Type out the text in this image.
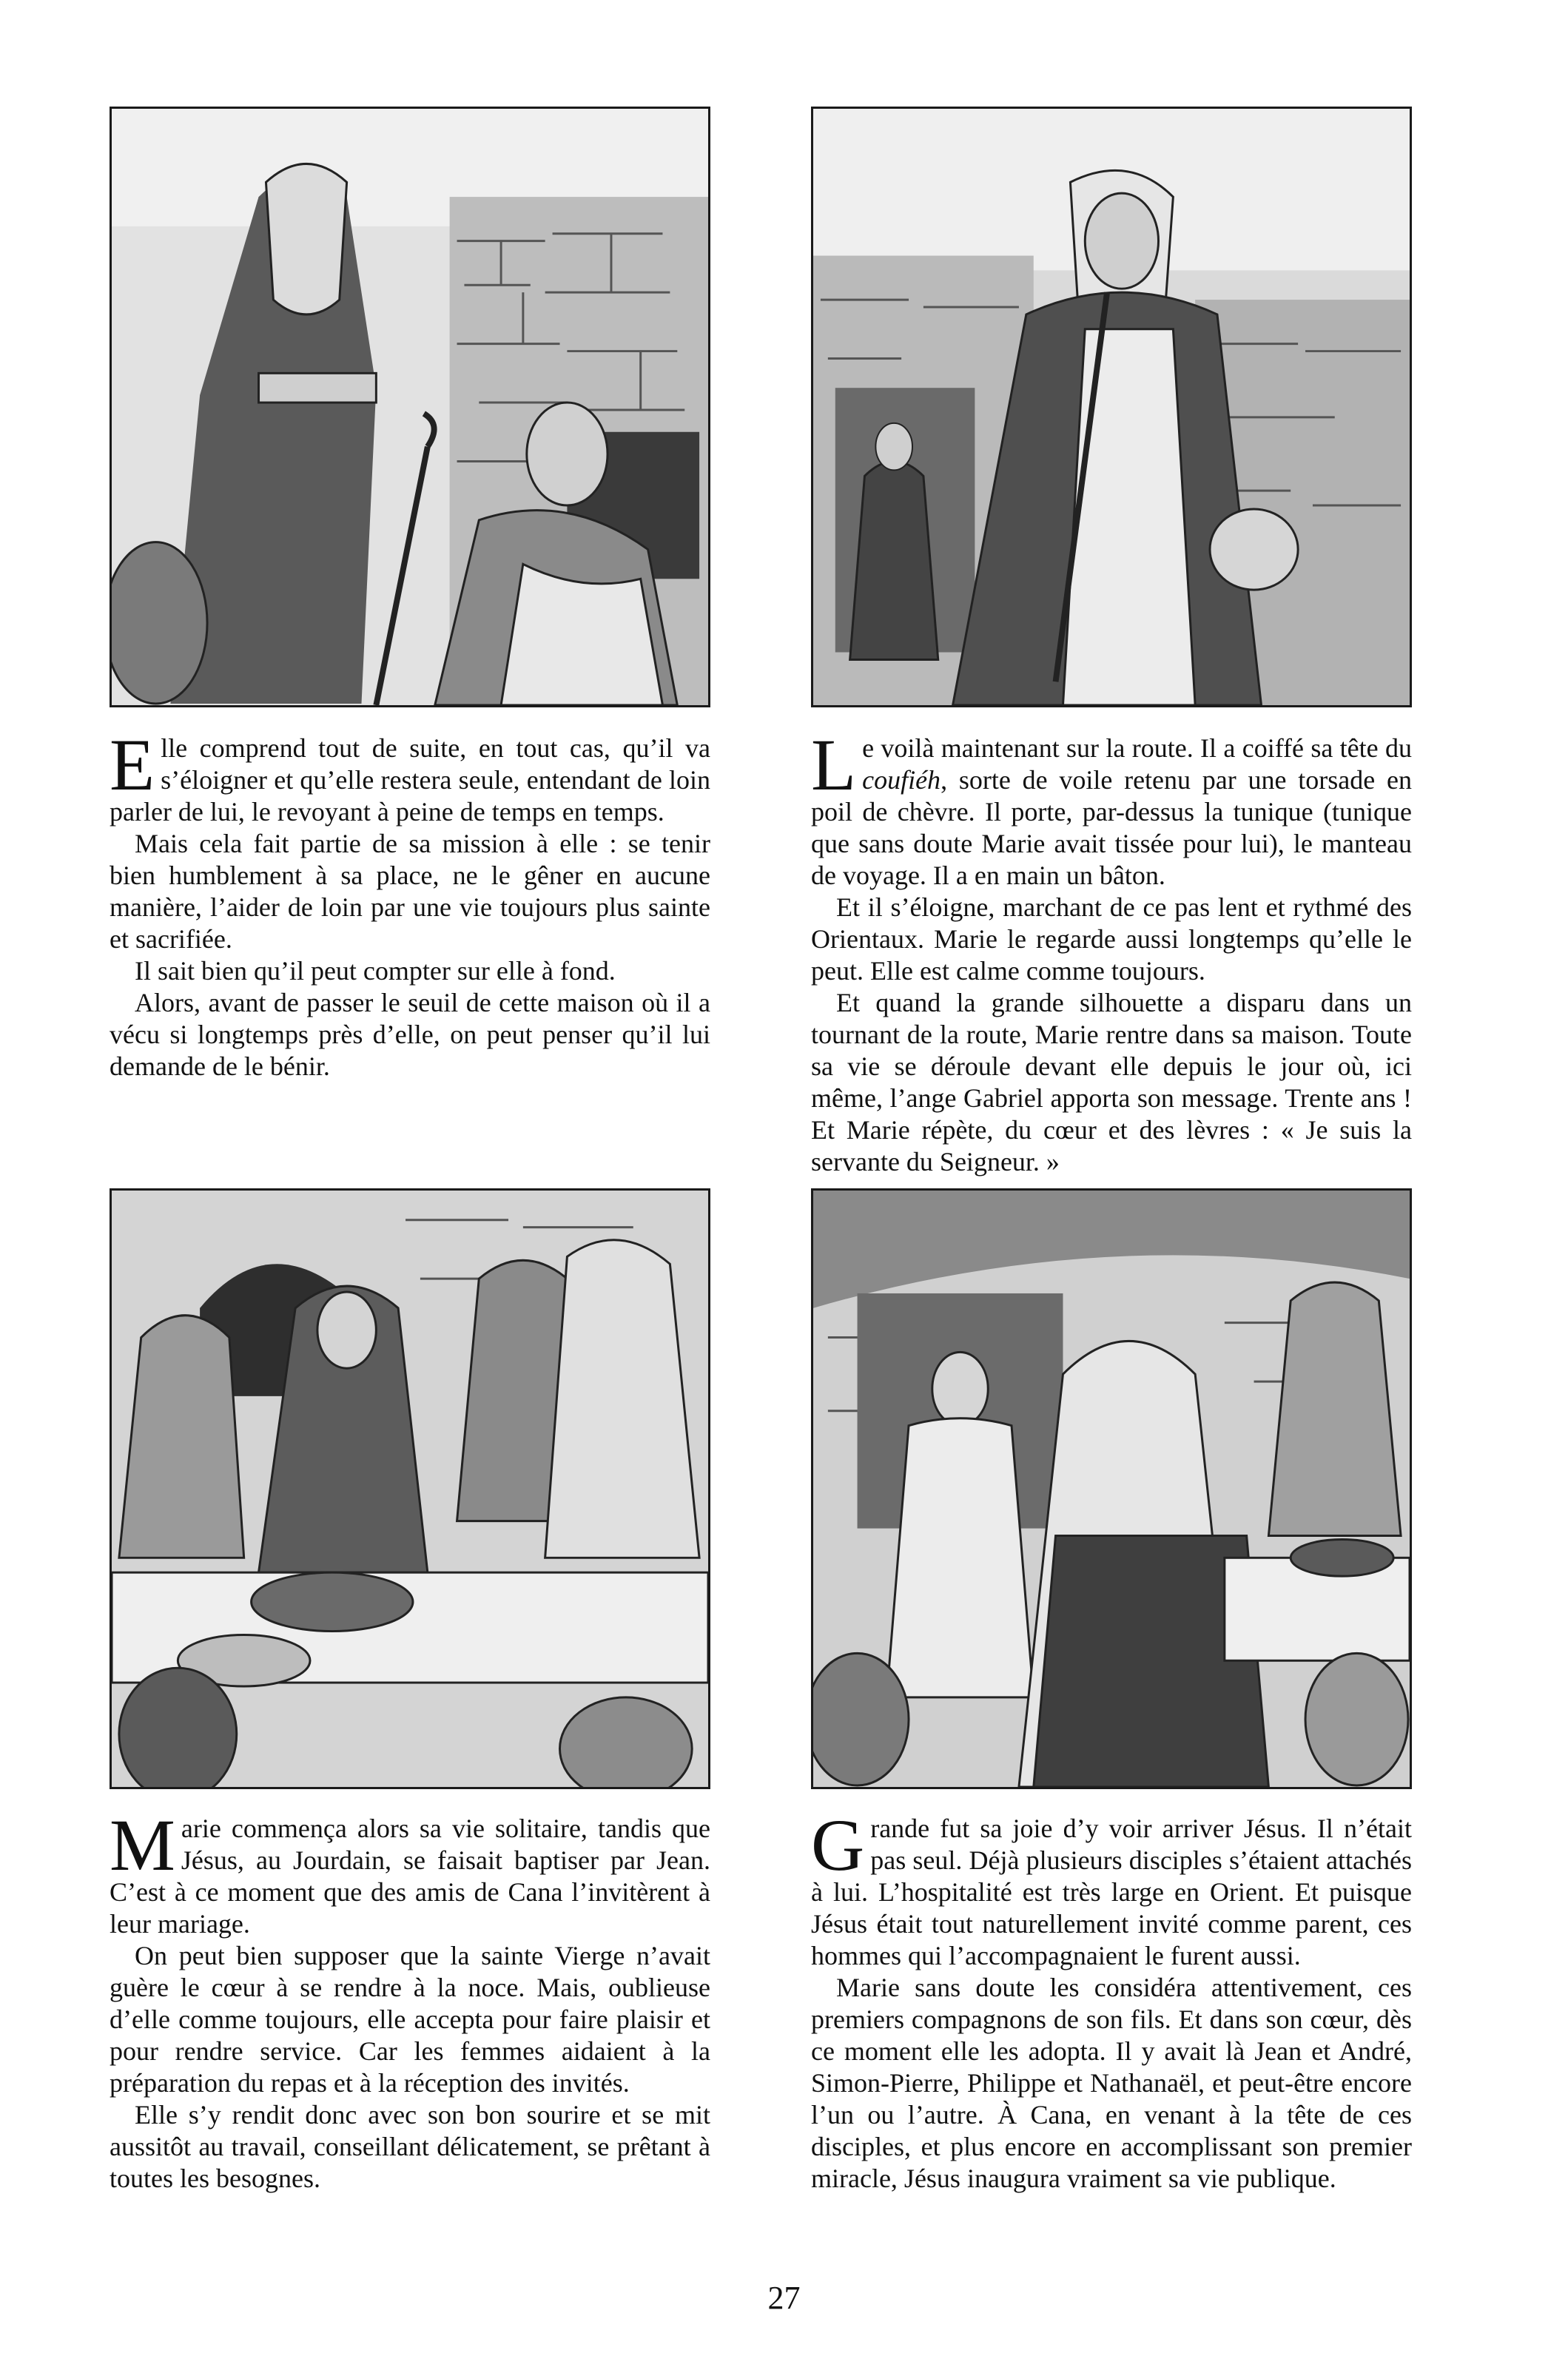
Elle comprend tout de suite, en tout cas, qu’il va s’éloigner et qu’elle restera seule, entendant de loin parler de lui, le revoyant à peine de temps en temps.

Mais cela fait partie de sa mission à elle : se tenir bien humblement à sa place, ne le gêner en aucune manière, l’aider de loin par une vie toujours plus sainte et sacrifiée.

Il sait bien qu’il peut compter sur elle à fond.

Alors, avant de passer le seuil de cette maison où il a vécu si longtemps près d’elle, on peut penser qu’il lui demande de le bénir.

Le voilà maintenant sur la route. Il a coiffé sa tête du coufiéh, sorte de voile retenu par une torsade en poil de chèvre. Il porte, par-dessus la tunique (tunique que sans doute Marie avait tissée pour lui), le manteau de voyage. Il a en main un bâton.

Et il s’éloigne, marchant de ce pas lent et rythmé des Orientaux. Marie le regarde aussi longtemps qu’elle le peut. Elle est calme comme toujours.

Et quand la grande silhouette a disparu dans un tournant de la route, Marie rentre dans sa maison. Toute sa vie se déroule devant elle depuis le jour où, ici même, l’ange Gabriel apporta son message. Trente ans ! Et Marie répète, du cœur et des lèvres : « Je suis la servante du Seigneur. »

Marie commença alors sa vie solitaire, tandis que Jésus, au Jourdain, se faisait baptiser par Jean. C’est à ce moment que des amis de Cana l’invitèrent à leur mariage.

On peut bien supposer que la sainte Vierge n’avait guère le cœur à se rendre à la noce. Mais, oublieuse d’elle comme toujours, elle accepta pour faire plaisir et pour rendre service. Car les femmes aidaient à la préparation du repas et à la réception des invités.

Elle s’y rendit donc avec son bon sourire et se mit aussitôt au travail, conseillant délicatement, se prêtant à toutes les besognes.

Grande fut sa joie d’y voir arriver Jésus. Il n’était pas seul. Déjà plusieurs disciples s’étaient attachés à lui. L’hospitalité est très large en Orient. Et puisque Jésus était tout naturellement invité comme parent, ces hommes qui l’accompagnaient le furent aussi.

Marie sans doute les considéra attentivement, ces premiers compagnons de son fils. Et dans son cœur, dès ce moment elle les adopta. Il y avait là Jean et André, Simon-Pierre, Philippe et Nathanaël, et peut-être encore l’un ou l’autre. À Cana, en venant à la tête de ces disciples, et plus encore en accomplissant son premier miracle, Jésus inaugura vraiment sa vie publique.

27
